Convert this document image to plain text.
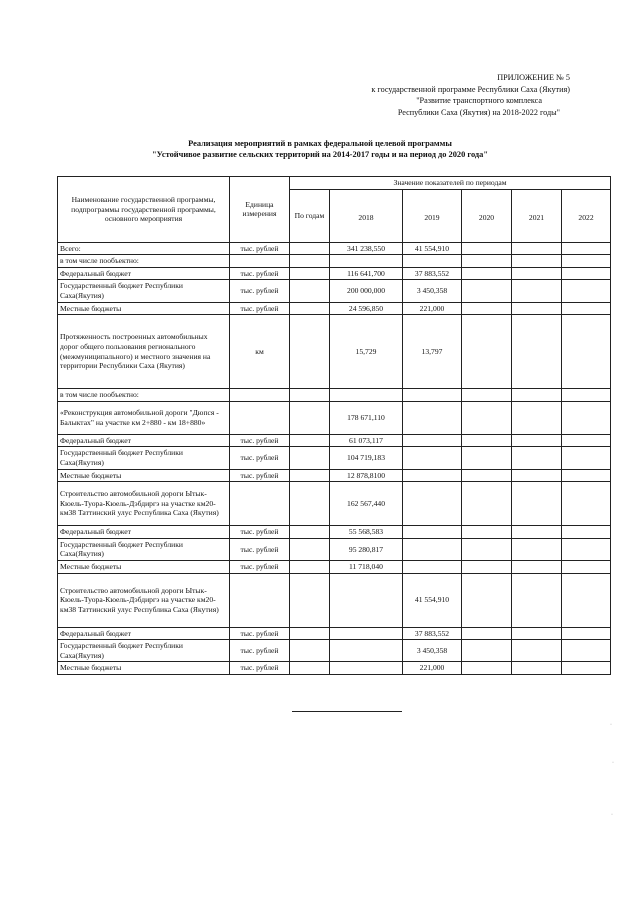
ПРИЛОЖЕНИЕ № 5
к государственной программе Республики Саха (Якутия)
"Развитие транспортного комплекса
Республики Саха (Якутия) на 2018-2022 годы"
Реализация мероприятий в рамках федеральной целевой программы
"Устойчивое развитие сельских территорий на 2014-2017 годы и на период до 2020 года"
Наименование государственной программы, подпрограммы государственной программы, основного мероприятия	Единица измерения	Значение показателей по периодам					
		По годам					
			2018	2019	2020	2021	2022
Всего:	тыс. рублей		341 238,550	41 554,910			
в том числе пообъектно:							
Федеральный бюджет	тыс. рублей		116 641,700	37 883,552			
Государственный бюджет Республики Саха(Якутия)	тыс. рублей		200 000,000	3 450,358			
Местные бюджеты	тыс. рублей		24 596,850	221,000			
Протяженность построенных автомобильных дорог общего пользования регионального (межмуниципального) и местного значения на территории Республики Саха (Якутия)	км		15,729	13,797			
в том числе пообъектно:							
«Реконструкция автомобильной дороги "Дюпся - Балыктах" на участке км 2+880 - км 18+880»			178 671,110				
Федеральный бюджет	тыс. рублей		61 073,117				
Государственный бюджет Республики Саха(Якутия)	тыс. рублей		104 719,183				
Местные бюджеты	тыс. рублей		12 878,8100				
Строительство автомобильной дороги Ытык-Кюель-Туора-Кюель-Дэбдиргэ на участке км20-км38 Таттинский улус Республика Саха (Якутия)			162 567,440				
Федеральный бюджет	тыс. рублей		55 568,583				
Государственный бюджет Республики Саха(Якутия)	тыс. рублей		95 280,817				
Местные бюджеты	тыс. рублей		11 718,040				
Строительство автомобильной дороги Ытык-Кюель-Туора-Кюель-Дэбдиргэ на участке км20-км38 Таттинский улус Республика Саха (Якутия)				41 554,910			
Федеральный бюджет	тыс. рублей			37 883,552			
Государственный бюджет Республики Саха(Якутия)	тыс. рублей			3 450,358			
Местные бюджеты	тыс. рублей			221,000			
·
·
·
